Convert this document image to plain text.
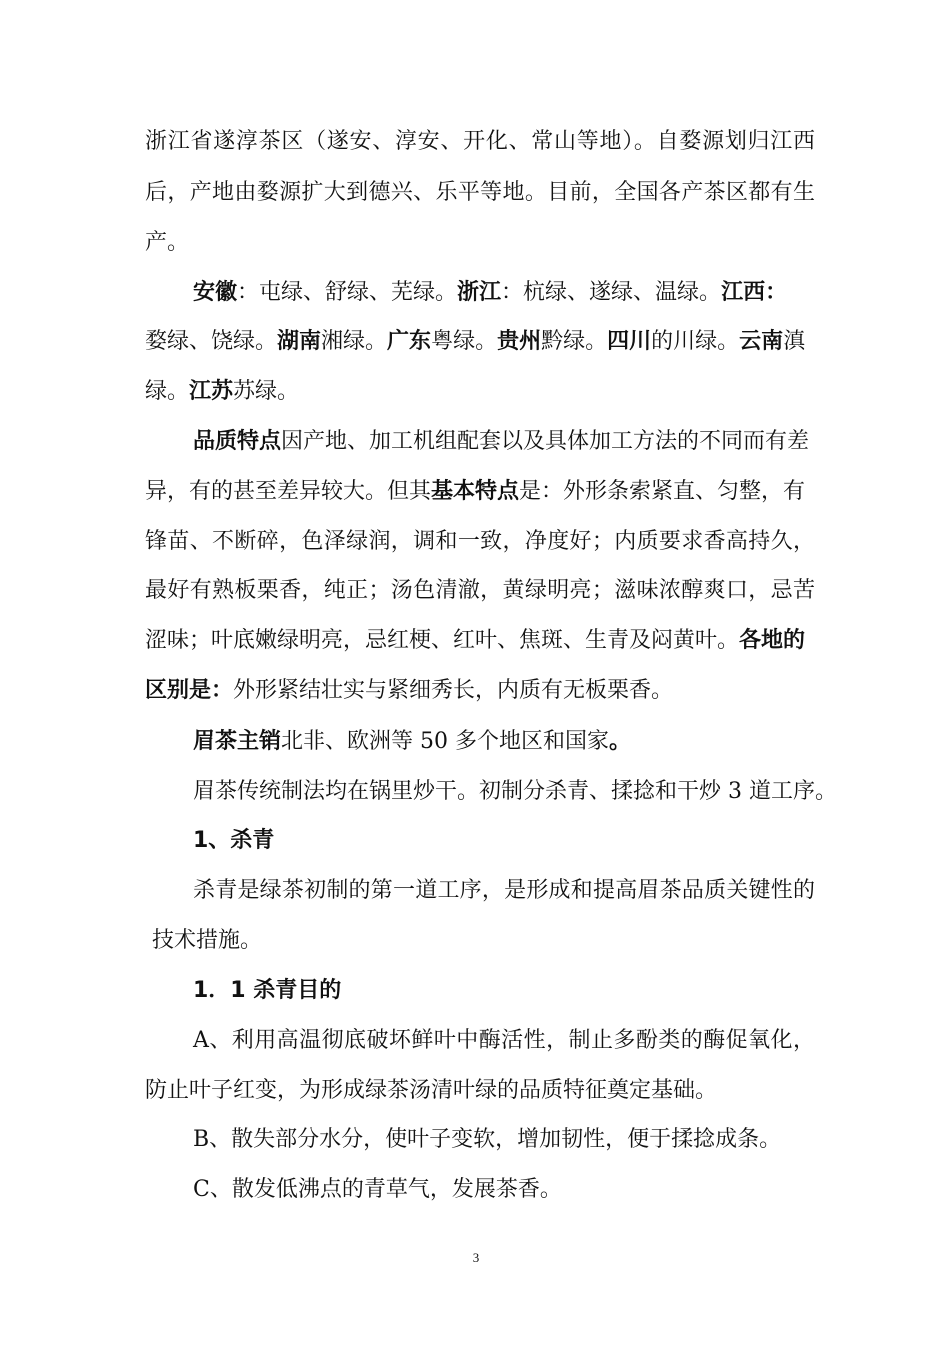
浙江省遂淳茶区（遂安、淳安、开化、常山等地）。自婺源划归江西
后，产地由婺源扩大到德兴、乐平等地。目前，全国各产茶区都有生
产。
安徽：屯绿、舒绿、芜绿。浙江：杭绿、遂绿、温绿。江西：
婺绿、饶绿。湖南湘绿。广东粤绿。贵州黔绿。四川的川绿。云南滇
绿。江苏苏绿。
品质特点因产地、加工机组配套以及具体加工方法的不同而有差
异，有的甚至差异较大。但其基本特点是：外形条索紧直、匀整，有
锋苗、不断碎，色泽绿润，调和一致，净度好；内质要求香高持久，
最好有熟板栗香，纯正；汤色清澈，黄绿明亮；滋味浓醇爽口，忌苦
涩味；叶底嫩绿明亮，忌红梗、红叶、焦斑、生青及闷黄叶。各地的
区别是：外形紧结壮实与紧细秀长，内质有无板栗香。
眉茶主销北非、欧洲等 50 多个地区和国家。
眉茶传统制法均在锅里炒干。初制分杀青、揉捻和干炒 3 道工序。
1、杀青
杀青是绿茶初制的第一道工序，是形成和提高眉茶品质关键性的
技术措施。
1．1 杀青目的
A、利用高温彻底破坏鲜叶中酶活性，制止多酚类的酶促氧化，
防止叶子红变，为形成绿茶汤清叶绿的品质特征奠定基础。
B、散失部分水分，使叶子变软，增加韧性，便于揉捻成条。
C、散发低沸点的青草气，发展茶香。
3
